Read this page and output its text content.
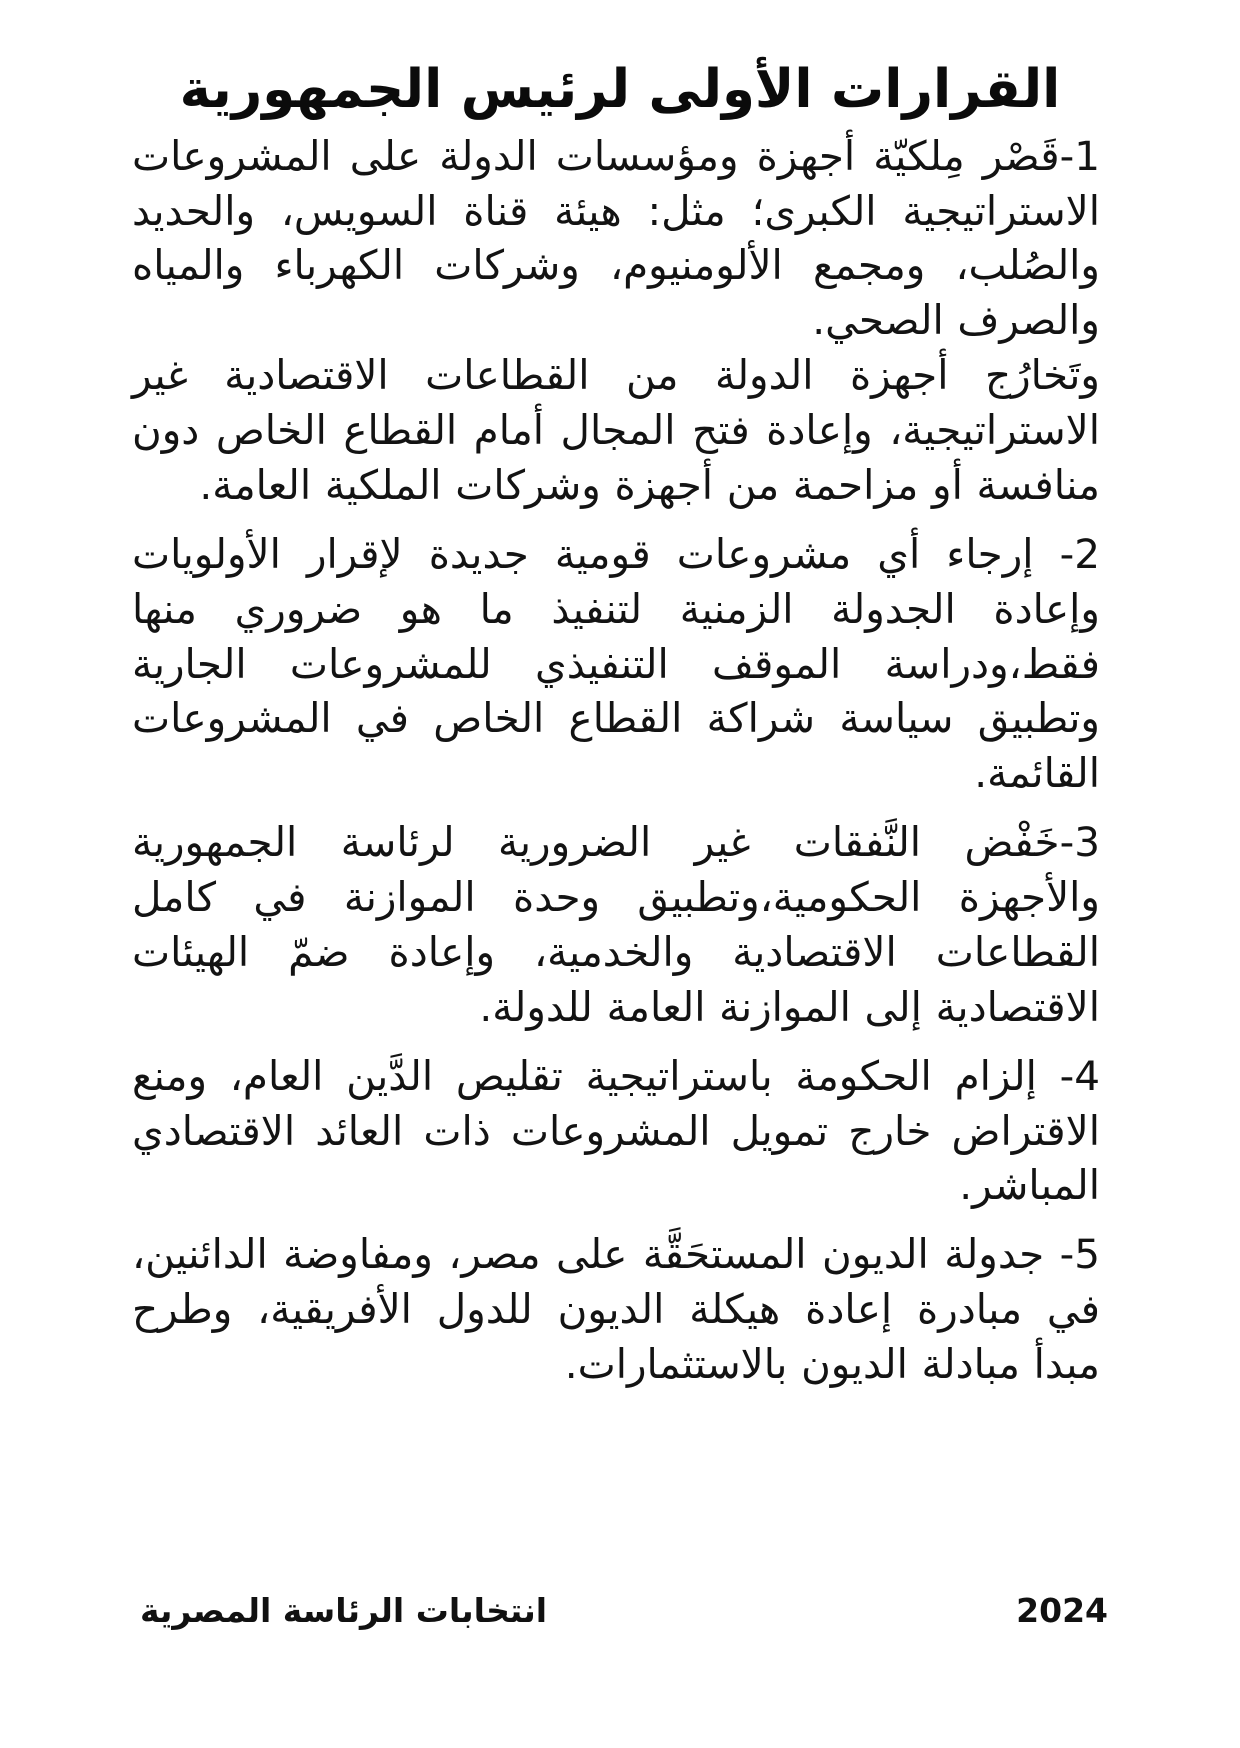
القرارات الأولى لرئيس الجمهورية

1-قَصْر مِلكيّة أجهزة ومؤسسات الدولة على المشروعات الاستراتيجية الكبرى؛ مثل: هيئة قناة السويس، والحديد والصُلب، ومجمع الألومنيوم، وشركات الكهرباء والمياه والصرف الصحي.

وتَخارُج أجهزة الدولة من القطاعات الاقتصادية غير الاستراتيجية، وإعادة فتح المجال أمام القطاع الخاص دون منافسة أو مزاحمة من أجهزة وشركات الملكية العامة.

2- إرجاء أي مشروعات قومية جديدة لإقرار الأولويات وإعادة الجدولة الزمنية لتنفيذ ما هو ضروري منها فقط،ودراسة الموقف التنفيذي للمشروعات الجارية وتطبيق سياسة شراكة القطاع الخاص في المشروعات القائمة.

3-خَفْض النَّفقات غير الضرورية لرئاسة الجمهورية والأجهزة الحكومية،وتطبيق وحدة الموازنة في كامل القطاعات الاقتصادية والخدمية، وإعادة ضمّ الهيئات الاقتصادية إلى الموازنة العامة للدولة.

4- إلزام الحكومة باستراتيجية تقليص الدَّين العام، ومنع الاقتراض خارج تمويل المشروعات ذات العائد الاقتصادي المباشر.

5- جدولة الديون المستحَقَّة على مصر، ومفاوضة الدائنين، في مبادرة إعادة هيكلة الديون للدول الأفريقية، وطرح مبدأ مبادلة الديون بالاستثمارات.

انتخابات الرئاسة المصرية	2024
